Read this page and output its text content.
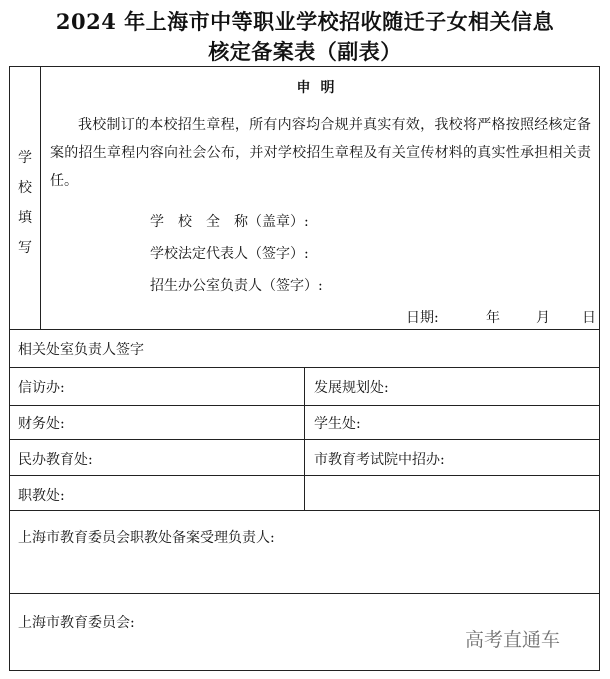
2024 年上海市中等职业学校招收随迁子女相关信息
核定备案表（副表）
学
校
填
写
申明
我校制订的本校招生章程，所有内容均合规并真实有效，我校将严格按照经核定备案的招生章程内容向社会公布，并对学校招生章程及有关宣传材料的真实性承担相关责任。
学　校　全　称（盖章）:
学校法定代表人（签字）:
招生办公室负责人（签字）:
日期:	年	月 日
相关处室负责人签字
信访办:	发展规划处:
财务处:	学生处:
民办教育处:	市教育考试院中招办:
职教处:
上海市教育委员会职教处备案受理负责人:
上海市教育委员会:
高考直通车
